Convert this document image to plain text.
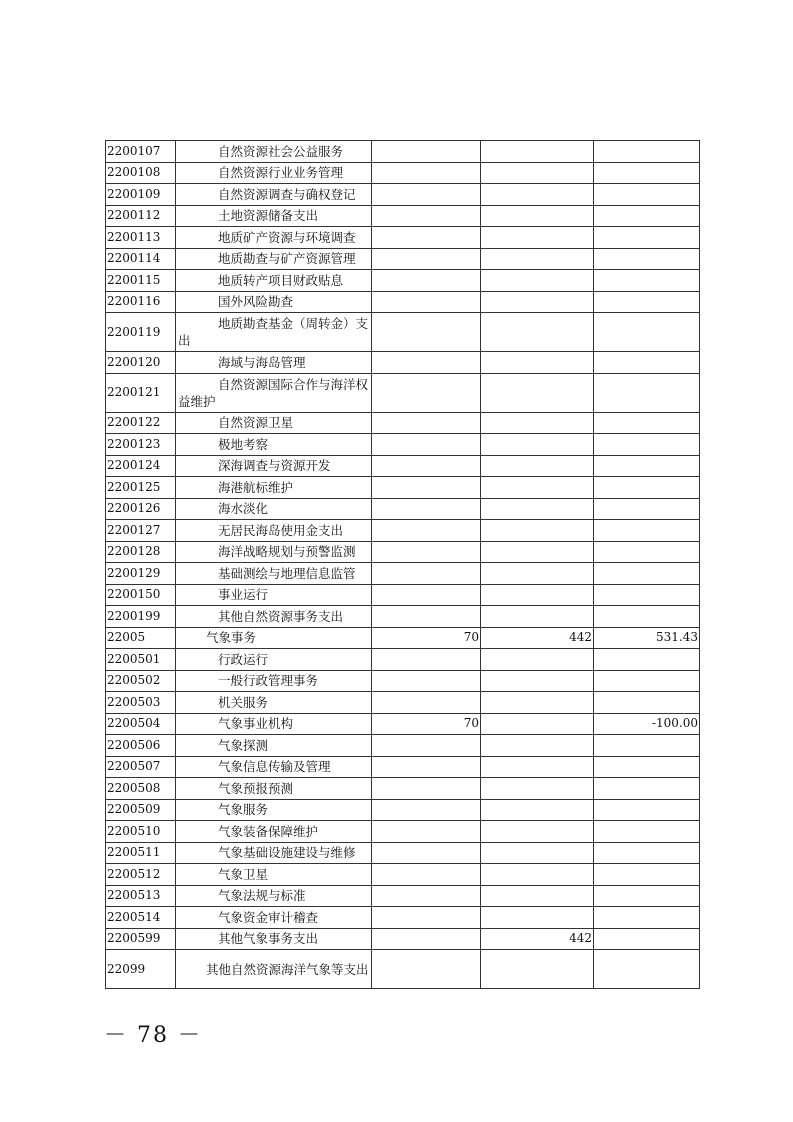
2200107	自然资源社会公益服务			
2200108	自然资源行业业务管理			
2200109	自然资源调查与确权登记			
2200112	土地资源储备支出			
2200113	地质矿产资源与环境调查			
2200114	地质勘查与矿产资源管理			
2200115	地质转产项目财政贴息			
2200116	国外风险勘查			
2200119	地质勘查基金（周转金）支出			
2200120	海域与海岛管理			
2200121	自然资源国际合作与海洋权益维护			
2200122	自然资源卫星			
2200123	极地考察			
2200124	深海调查与资源开发			
2200125	海港航标维护			
2200126	海水淡化			
2200127	无居民海岛使用金支出			
2200128	海洋战略规划与预警监测			
2200129	基础测绘与地理信息监管			
2200150	事业运行			
2200199	其他自然资源事务支出			
22005	气象事务	70	442	531.43
2200501	行政运行			
2200502	一般行政管理事务			
2200503	机关服务			
2200504	气象事业机构	70		-100.00
2200506	气象探测			
2200507	气象信息传输及管理			
2200508	气象预报预测			
2200509	气象服务			
2200510	气象装备保障维护			
2200511	气象基础设施建设与维修			
2200512	气象卫星			
2200513	气象法规与标准			
2200514	气象资金审计稽查			
2200599	其他气象事务支出		442	
22099	其他自然资源海洋气象等支出			
－ 78 －
